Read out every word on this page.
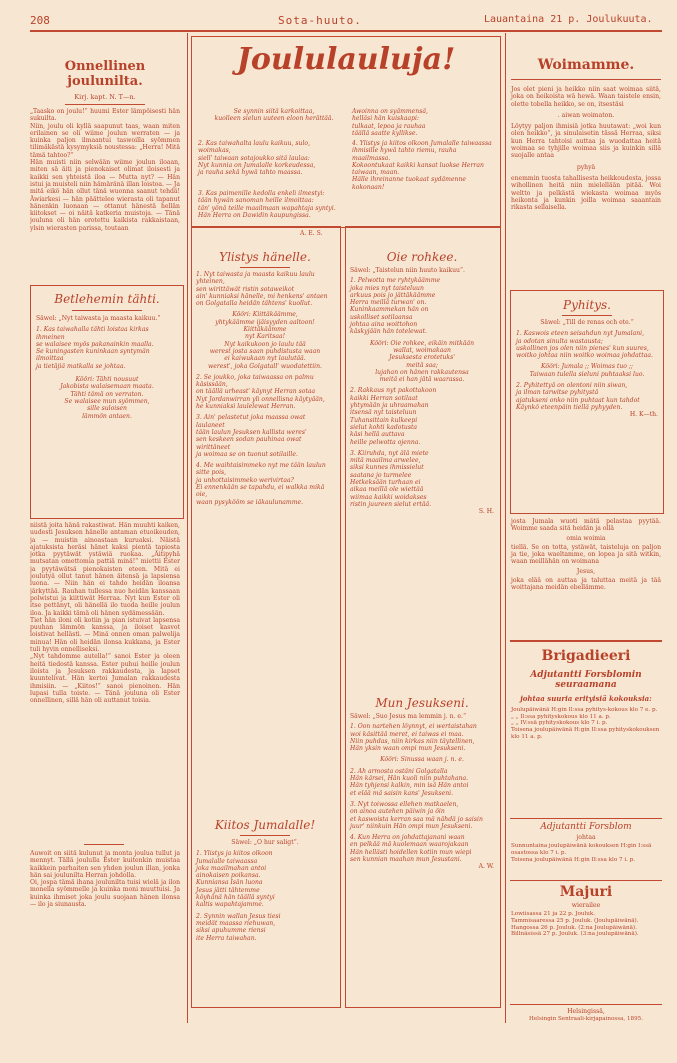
208	Sota-huuto.	Lauantaina 21 p. Joulukuuta.
Onnellinen joulunilta.
Kirj. kapt. N. T—n.

„Taasko on joulu!“ huumi Ester lämpöisesti hän sukuilta.
Niin, joulu oli kyllä saapunut taas, waan miten erilainen se oli wiime joulun werraten — ja kuinka paljon ilmaantui taswoilla syömmen tilimäkästä kysymyksiä noustessa: „Herra! Mitä tämä tahtoo?“
Hän muisti niin selwään wiime joulun iloaan, miten sä äiti ja pienokaiset olimat iloisesti ja kaikki sen yhteistä iloa — Mutta nyt? — Hän istui ja muisteli niin hämäränä illan loistoa. — Ja mitä eikö hän ollut tänä wuonna saanut tehdä! Äwiarkesi — hän päättelee wierasta oli tapanut hänenkin luonaan — ottanut hänestä hellän kiitokset — oi näitä katkeria muistoja. — Tänä jouluna oli hän erotettu kaikista rakkaistaan, ylsin wierasten parissa, toutaan

Betlehemin tähti.
Säwel: „Nyt taiwasta ja maasta kaikuu.“

1. Kas taiwahalla tähti loistaa kirkas ihmeinen
se walaisee myös pakanainkin maalla.
Se kuningasten kuninkaan syntymän ilmoittaa
ja tietäjiä matkalla se johtaa.

Kööri: Tähti nousuut
Jakobista walaisemaan maata.
Tähti tämä on verraton.
Se walaisee mun syömmen,
sille suloisen
lämmön antaen.

niistä joita hänä rakastiwat. Hän muuhti kaiken, uudesti Jesuksen hänelle antaman etuoikeuden, ja — muistin ainoastaan kuruaksi. Näistä ajatuksista heräsi hänet kaksi pientä tapiosta jotka pyytäwät ystäwiä ruokaa. „Äitipyhä mutsatan omettomia pattiä minä!“ miettii Ester ja pyytäwätsä pienokaisten eteen. Mitä ei joulutyä ollut tanut hänen äitensä ja lapsiensa luona. — Niin hän ei tahdo heidän iloansa järkyttää. Rauhan tullessa nuo heidän kanssaan polwistui ja kiittiwät Herraa. Nyt kun Ester oli itse pettänyt, oli hänellä ilo tuoda heille joulun iloa. Ja kaikki tämä oli hänen sydämessään.
Tiet hän iloni oli kotiin ja pian istuivat lapsensa puuhan lämmön kanssa, ja iloiset kasvot loistivat hellästi. — Minä onnen oman palwelija minua! Hän oli heidän ilonsa kukkana, ja Ester tuli hyvin onnelliseksi.
„Nyt tahdomme autella!“ sanoi Ester ja oleen heitä tiedostä kanssa. Ester puhui heille joulun iloista ja Jesuksen rakkaudesta, ja lapset kuuntelivat. Hän kertoi Jumalan rakkaudesta ihmisiin. — „Kiitos!“ sanoi pienoinen. Hän lupasi tulla toiste. — Tänä jouluna oli Ester onnellinen, sillä hän oli auttanut toisia.

Auwoit on siitä kulunut ja monta joulua tullut ja mennyt. Tällä joululla Ester kuitenkin muistaa kaikkein parhaiten sen yhden joulun illan, jonka hän sai joulunilta Herran johdolla.
Oi, jospa tämä ihana joulunilta tuisi wielä ja ilon monella syömmelle ja kuinka moni muuttuisi. Ja kuinka ihmiset joka joulu suojaan hänen ilonsa — ilo ja siunausta.

Joululauluja!

Se synnin siitä karkoittaa,
kuolleen sielun uuteen eloon herättää.

Awoinna on syämmensä,
helläsi hän kuiskaapi:
tulkaat, lepoa ja rauhaa
täällä saatte kyllikse.

2. Kas taiwahalta laulu kaikuu, sulo, woimakas,
siell' taiwaan sotajoukko sitä laulaa:
Nyt kunnia on Jumalalle korkeudessa,
ja rauha sekä hywä tahto maassa.

4. Ylistys ja kiitos olkoon Jumalalle taiwaassa
ihmisille hywä tahto riemu, rauha maailmassa.
Kokoontukaat kaikki kansat luokse Herran taiwaan, maan.
Hälle ihreinanne tuokaat sydämenne kokonaan!

3. Kas paimenille kedolla enkeli ilmestyi:
tään hywän sanoman heille ilmoittaa:
tän' yönä teille maailmaan wapahtaja syntyi.
Hän Herra on Dawidin kaupungissa.

A. E. S.
Ylistys hänelle.

1. Nyt taiwasta ja maasta kaikuu laulu yhteinen,
sen wirittäwät ristin sotaweikot
ain' kunniaksi hänelle, mi henkens' antaen
on Golgatalla heidän tähtens' kuollut.

Kööri: Kiittäkäämme,
yhtykäämme ijäisyyden aaltoon!
Kiittäkäämme
nyt Karitsaa!
Nyt kaikukoon jo laulu tää
werest josta saan puhdistusta waan
ei kaiwukaan nyt laulutää.
werest', joka Golgatall' wuodatettiin.

2. Se joukko, joka taiwaassa on palmu käsissään,
on täällä urheast' käynyt Herran sotaa
Nyt Jordanwirran yli onnellisna käytyään,
he kunniaksi laulelewat Herran.

3. Ain' pelastetut joka maassa owat laulaneet
tään laulun Jesuksen kallista weres'
sen keskeen sodan pauhinaa owat wirittäneet
ja woimaa se on tuonut sotilaille.

4. Me waihtaisimmeko nyt me tään laulun sitte pois,
ja unhottaisimmeko werivirtaa?
Ei ennenkään se tapahdu, ei walkka mikä oie,
waan pysykööm se iäkaulunamme.

Kiitos Jumalalle!
Säwel: „O hur saligt“.

1. Ylistys ja kiitos olkoon
Jumalalle taiwaassa
joka maailmahan antoi
ainokaisen poikansa.
Kunniansa Isän luona
Jesus jätti tähtemme
köyhänä hän täällä syntyi
kaltis wapahtajamme.

2. Synnin wallan Jesus tiesi
meidät maassa riehuwan,
siksi apuhumme riensi
ite Herra taiwahan.

Oie rohkee.
Säwel: „Taistelun niin huuto kaikuu“.

1. Pelwotta me ryhtykäämme
joka mies nyt taisteluun
arkuus pois jo jättäkäämme
Herra meillä turwan' on.
Kuninkaammekan hän on
uskolliset sotilaansa
johtaa aina woittohon
käskyjään hän totelewat.

Kööri: Oie rohkee, eikäin mitkään
wallat, woimakaan
Jesuksesta erotetuks'
meitä saa;
lujahan on hänen rakkautensa
meitä ei han jätä waarassa.

2. Rakkaus nyt pakottakoon
kaikki Herran sotilaat
yhtymään ja uhraamahan
itsensä nyt taisteluun
Tuhansittain kulkeepi
sielut kohti kadotusta
käsi hellä auttava
heille pelwotta ojenna.

3. Kiiruhda, nyt älä miete
mitä maailma arwelee,
siksi kunnes ihmissielut
saatana jo turmelee
Hetkeksään turhaan ei
aikaa meillä ole wiettää
wiimaa kaikki woidakses
ristin juureen sielut ertää.

S. H.
Mun Jesukseni.
Säwel: „Suo Jesus ma lemmin j. n. e.“

1. Oon nartehen löynnyt, ei wertaistahan
woi käsittää meret, ei taiwas ei maa.
Niin puhdas, niin kirkas niin täytellinen,
Hän yksin waan ompi mun Jesukseni.

Kööri: Sinussa waan j. n. e.

2. Ah armosta ostäni Golgatalla
Hän kärsei, Hän kuoli niin puhtahana.
Hän tyhjensi kalkin, min isä Hän antoi
et elää mä saisin kans' Jesukseni.

3. Nyt toiwossa ellehen matkaelen,
on ainoa autehen päiwin ja öin
et kaswoista kerran saa mä nähdä jo saisin
juur' niinkuin Hän ompi mun Jesukseni.

4. Kun Herra on johdattajanani waan
en pelkää mä kuolemaan waarojakaan
Hän hellästi hoidellen kotiin mun wiepi
sen kunnian maahan mun Jesustani.

A. W.
Woimamme.

Jos olet pieni ja heikko niin saat woimaa siitä, joka on heikoista wä hewä. Waan taistele ensin, olette tobella heikko, se on, itsestäsi

. aiwan woimaton.

Löytyy paljon ihmisiä jotka huutawat: „woi kun olen heikko“, ja sinulaisetin tässä Herraa, siksi kun Herra tahtoisi auttaa ja wuodattaa heitä woimaa se tyhjille woimaa siis ja kuinkin sillä suojalle antaa

pyhyä

enemmin tuosta tahallisesta heikkoudesta, jossa wihollinen heitä niin mielellään pitää. Woi weltto ja pelkästä wiekasta woimaa myös heikonta ja kunkin joilla woimaa saaantain rikasta sellaisella.

Pyhitys.
Säwel: „Till de renas och ete.“

1. Kaswois eteen seisahdun nyt Jumalani,
ja odotan sinulta wastausta;
uskollinen jos olen niin pienes' kun suures,
woitko johtaa niin woitko woimaa johdattaa.

Kööri: Jumala ;; Woimas tuo ;;
Taiwaan tulella sieluni puhtaaksi luo.

2. Pyhitettyä on olentoni niin siwan,
ja ilman tarwitse pyhitystä
ajatukseni onko niin puhtaat kun tahdot
Käynkö eteenpäin tiellä pyhyyden.

H. K—th.

josta Jumala wuoti mätä pelastaa pyytää. Woimme saada sitä heidän ja ollä

omia woimia

tiellä. Se on totta, ystäwät, taisteluja on paljon ja tie, joka waeltamme, on lopea ja sitä witkin, waan meillähän on woimana

Jesus,

joka elää on auttaa ja taluttaa meitä ja tää woittajana meidän ebellämme.

Brigadieeri
Adjutantti Forsblomin seuraamana
johtaa suuria erityisiä kokouksia:

Joulupäiwänä H:gin Il:ssa pyhitys-kokous klo 7 e. p.
„ „ Il:ssa pyhityskokous klo 11 a. p.
„ „ IV:ssä pyhityskokous klo 7 i. p.
Toisena joulupäiwänä H:gin II:ssa pyhityskokouksen klo 11 a. p.

Adjutantti Forsblom
johtaa

Sunnuntaina joulupäiwänä kokouksen H:gin I:ssä osastossa klo 7 i. p.
Toisena joulupäiwänä H:gin II:ssa klo 7 i. p.

Majuri
wierailee

Lowiisassa 21 ja 22 p. Jouluk.
Tammisaaressa 25 p. Jouluk. (Joulupäiwänä).
Hangossa 26 p. Jouluk. (2:na Joulupäiwänä).
Billnäsissä 27 p. Jouluk. (3:na joulupäiwänä).

Helsingissä,
Helsingin Sentraali-kirjapainossa, 1895.
